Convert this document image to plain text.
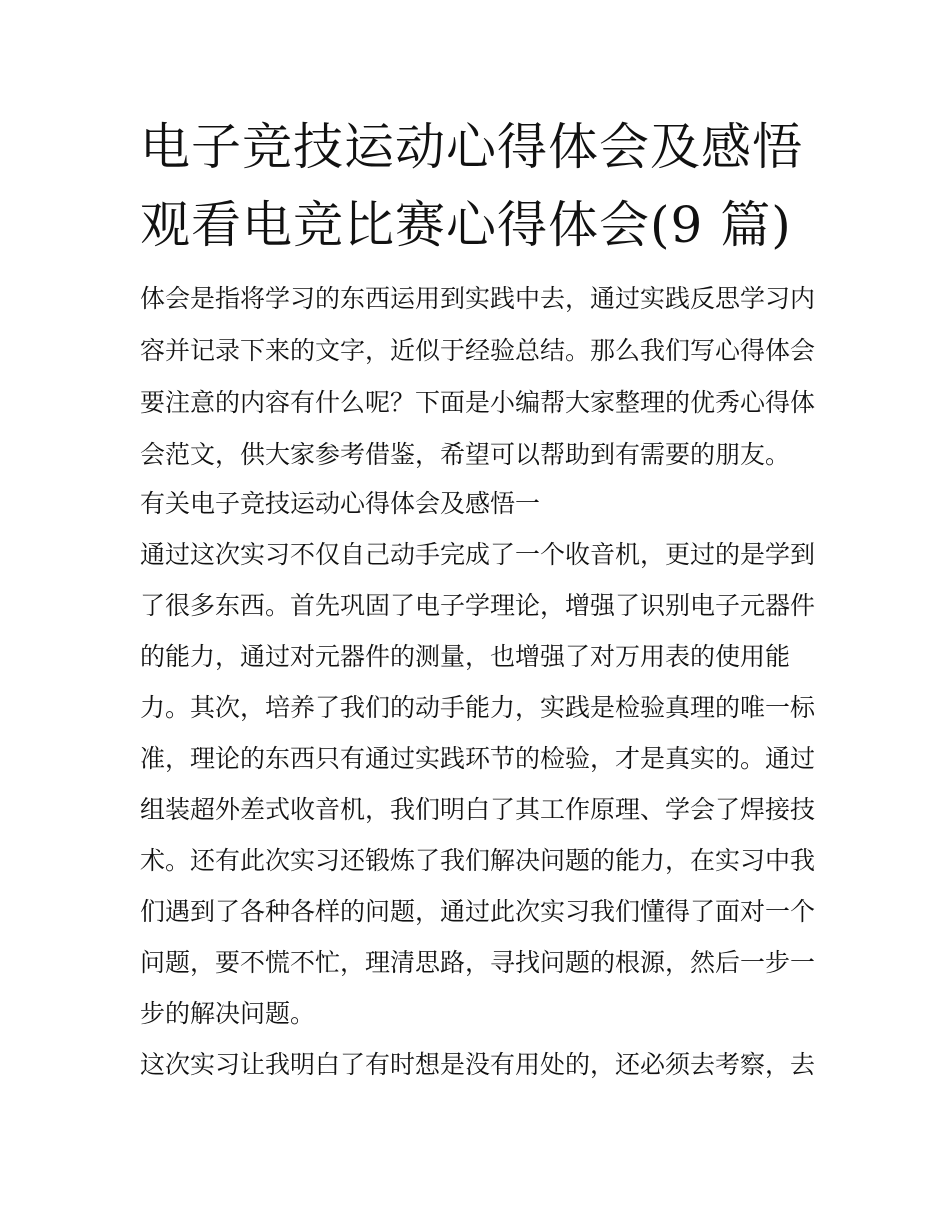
电子竞技运动心得体会及感悟
观看电竞比赛心得体会(9 篇)

体会是指将学习的东西运用到实践中去，通过实践反思学习内

容并记录下来的文字，近似于经验总结。那么我们写心得体会

要注意的内容有什么呢？下面是小编帮大家整理的优秀心得体

会范文，供大家参考借鉴，希望可以帮助到有需要的朋友。

有关电子竞技运动心得体会及感悟一

通过这次实习不仅自己动手完成了一个收音机，更过的是学到

了很多东西。首先巩固了电子学理论，增强了识别电子元器件

的能力，通过对元器件的测量，也增强了对万用表的使用能

力。其次，培养了我们的动手能力，实践是检验真理的唯一标

准，理论的东西只有通过实践环节的检验，才是真实的。通过

组装超外差式收音机，我们明白了其工作原理、学会了焊接技

术。还有此次实习还锻炼了我们解决问题的能力，在实习中我

们遇到了各种各样的问题，通过此次实习我们懂得了面对一个

问题，要不慌不忙，理清思路，寻找问题的根源，然后一步一

步的解决问题。

这次实习让我明白了有时想是没有用处的，还必须去考察，去
